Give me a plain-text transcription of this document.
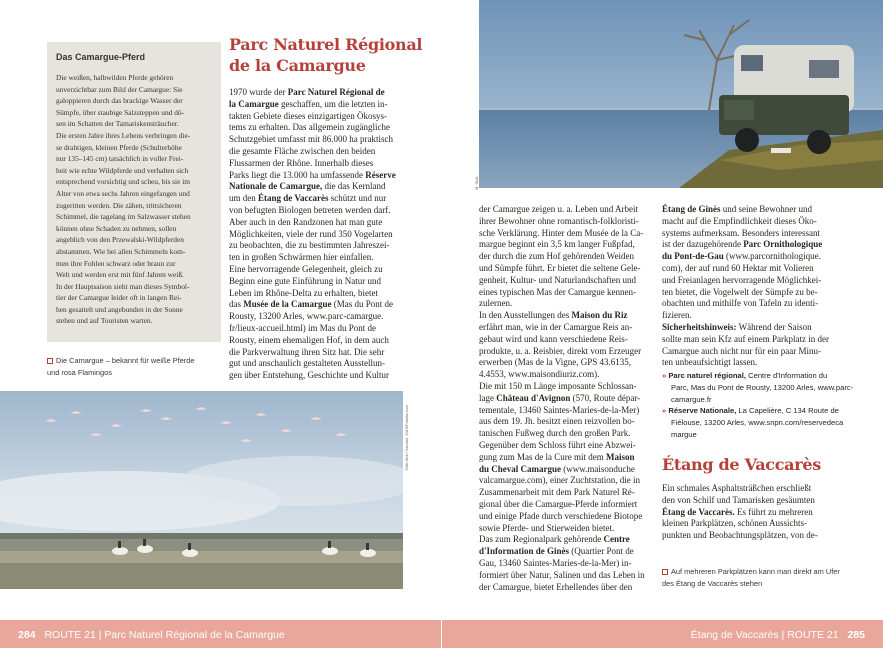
Das Camargue-Pferd
Die weißen, halbwilden Pferde gehören
unverzichtbar zum Bild der Camargue: Sie
galoppieren durch das brackige Wasser der
Sümpfe, über staubige Salzsteppen und dö-
sen im Schatten der Tamariskensträucher.
Die ersten Jahre ihres Lebens verbringen die-
se drahtigen, kleinen Pferde (Schulterhöhe
nur 135–145 cm) tatsächlich in voller Frei-
heit wie echte Wildpferde und verhalten sich
entsprechend vorsichtig und scheu, bis sie im
Alter von etwa sechs Jahren eingefangen und
zugeritten werden. Die zähen, trittsicheren
Schimmel, die tagelang im Salzwasser stehen
können ohne Schaden zu nehmen, sollen
angeblich von den Przewalski-Wildpferden
abstammen. Wie bei allen Schimmeln kom-
men ihre Fohlen schwarz oder braun zur
Welt und werden erst mit fünf Jahren weiß.
In der Hauptsaison sieht man dieses Symbol-
tier der Camargue leider oft in langen Rei-
hen gesattelt und angebunden in der Sonne
stehen und auf Touristen warten.
Die Camargue – bekannt für weiße Pferde
und rosa Flamingos
Dirk Moll / Nicolas, 2019/Fotolia.com
Parc Naturel Régional
de la Camargue
1970 wurde der Parc Naturel Régional de
la Camargue geschaffen, um die letzten in-
takten Gebiete dieses einzigartigen Ökosys-
tems zu erhalten. Das allgemein zugängliche
Schutzgebiet umfasst mit 86.000 ha praktisch
die gesamte Fläche zwischen den beiden
Flussarmen der Rhône. Innerhalb dieses
Parks liegt die 13.000 ha umfassende Réserve
Nationale de Camargue, die das Kernland
um den Étang de Vaccarès schützt und nur
von befugten Biologen betreten werden darf.
Aber auch in den Randzonen hat man gute
Möglichkeiten, viele der rund 350 Vogelarten
zu beobachten, die zu bestimmten Jahreszei-
ten in großen Schwärmen hier einfallen.
Eine hervorragende Gelegenheit, gleich zu
Beginn eine gute Einführung in Natur und
Leben im Rhône-Delta zu erhalten, bietet
das Musée de la Camargue (Mas du Pont de
Rousty, 13200 Arles, www.parc-camargue.
fr/lieux-accueil.html) im Mas du Pont de
Rousty, einem ehemaligen Hof, in dem auch
die Parkverwaltung ihren Sitz hat. Die sehr
gut und anschaulich gestalteten Ausstellun-
gen über Entstehung, Geschichte und Kultur
M. Stoll
der Camargue zeigen u. a. Leben und Arbeit
ihrer Bewohner ohne romantisch-folkloristi-
sche Verklärung. Hinter dem Musée de la Ca-
margue beginnt ein 3,5 km langer Fußpfad,
der durch die zum Hof gehörenden Weiden
und Sümpfe führt. Er bietet die seltene Gele-
genheit, Kultur- und Naturlandschaften und
eines typischen Mas der Camargue kennen-
zulernen.
In den Ausstellungen des Maison du Riz
erfährt man, wie in der Camargue Reis an-
gebaut wird und kann verschiedene Reis-
produkte, u. a. Reisbier, direkt vom Erzeuger
erwerben (Mas de la Vigne, GPS 43.6135,
4.4553, www.maisondiuriz.com).
Die mit 150 m Länge imposante Schlossan-
lage Château d'Avignon (570, Route dépar-
tementale, 13460 Saintes-Maries-de-la-Mer)
aus dem 19. Jh. besitzt einen reizvollen bo-
tanischen Fußweg durch den großen Park.
Gegenüber dem Schloss führt eine Abzwei-
gung zum Mas de la Cure mit dem Maison
du Cheval Camargue (www.maisonduche
valcamargue.com), einer Zuchtstation, die in
Zusammenarbeit mit dem Park Naturel Ré-
gional über die Camargue-Pferde informiert
und einige Pfade durch verschiedene Biotope
sowie Pferde- und Stierweiden bietet.
Das zum Regionalpark gehörende Centre
d'Information de Ginès (Quartier Pont de
Gau, 13460 Saintes-Maries-de-la-Mer) in-
formiert über Natur, Salinen und das Leben in
der Camargue, bietet Erhellendes über den
Étang de Ginès und seine Bewohner und
macht auf die Empfindlichkeit dieses Öko-
systems aufmerksam. Besonders interessant
ist der dazugehörende Parc Ornithologique
du Pont-de-Gau (www.parcornithologique.
com), der auf rund 60 Hektar mit Volieren
und Freianlagen hervorragende Möglichkei-
ten bietet, die Vogelwelt der Sümpfe zu be-
obachten und mithilfe von Tafeln zu identi-
fizieren.
Sicherheitshinweis: Während der Saison
sollte man sein Kfz auf einem Parkplatz in der
Camargue auch nicht nur für ein paar Minu-
ten unbeaufsichtigt lassen.
» Parc naturel régional, Centre d'Information du
Parc, Mas du Pont de Rousty, 13200 Arles, www.parc-
camargue.fr
» Réserve Nationale, La Capelière, C 134 Route de
Fiélouse, 13200 Arles, www.snpn.com/reservedeca
margue
Étang de Vaccarès
Ein schmales Asphaltsträßchen erschließt
den von Schilf und Tamarisken gesäumten
Étang de Vaccarès. Es führt zu mehreren
kleinen Parkplätzen, schönen Aussichts-
punkten und Beobachtungsplätzen, von de-
Auf mehreren Parkplätzen kann man direkt am Ufer
des Étang de Vaccarès stehen
284 ROUTE 21 | Parc Naturel Régional de la Camargue	Étang de Vaccarès | ROUTE 21 285
